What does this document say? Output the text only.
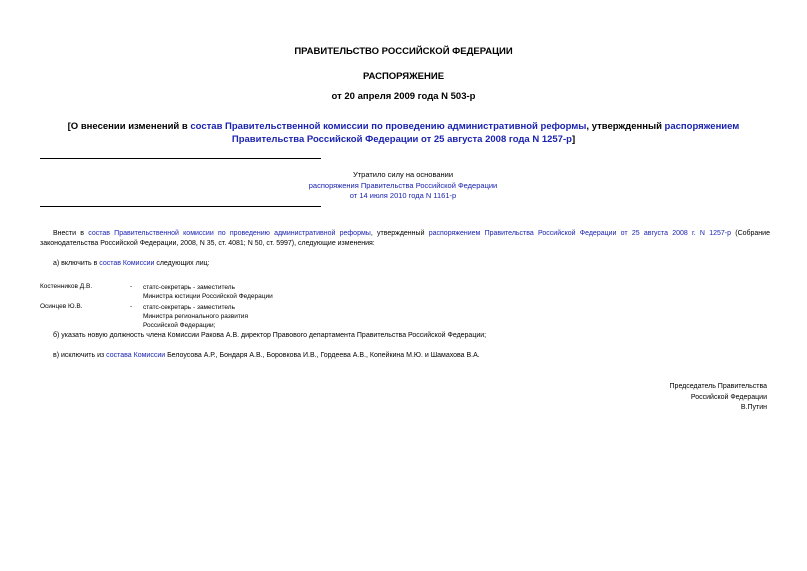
ПРАВИТЕЛЬСТВО РОССИЙСКОЙ ФЕДЕРАЦИИ
РАСПОРЯЖЕНИЕ
от 20 апреля 2009 года N 503-р
[О внесении изменений в состав Правительственной комиссии по проведению административной реформы, утвержденный распоряжением Правительства Российской Федерации от 25 августа 2008 года N 1257-р]
Утратило силу на основании
распоряжения Правительства Российской Федерации
от 14 июля 2010 года N 1161-р
Внести в состав Правительственной комиссии по проведению административной реформы, утвержденный распоряжением Правительства Российской Федерации от 25 августа 2008 г. N 1257-р (Собрание законодательства Российской Федерации, 2008, N 35, ст. 4081; N 50, ст. 5997), следующие изменения:
а) включить в состав Комиссии следующих лиц:
Костенников Д.В.	- статс-секретарь - заместитель
Министра юстиции Российской Федерации
Осинцев Ю.В.	- статс-секретарь - заместитель
Министра регионального развития
Российской Федерации;
б) указать новую должность члена Комиссии Ракова А.В. директор Правового департамента Правительства Российской Федерации;
в) исключить из состава Комиссии Белоусова А.Р., Бондаря А.В., Боровкова И.В., Гордеева А.В., Копейкина М.Ю. и Шамахова В.А.
Председатель Правительства
Российской Федерации
В.Путин
